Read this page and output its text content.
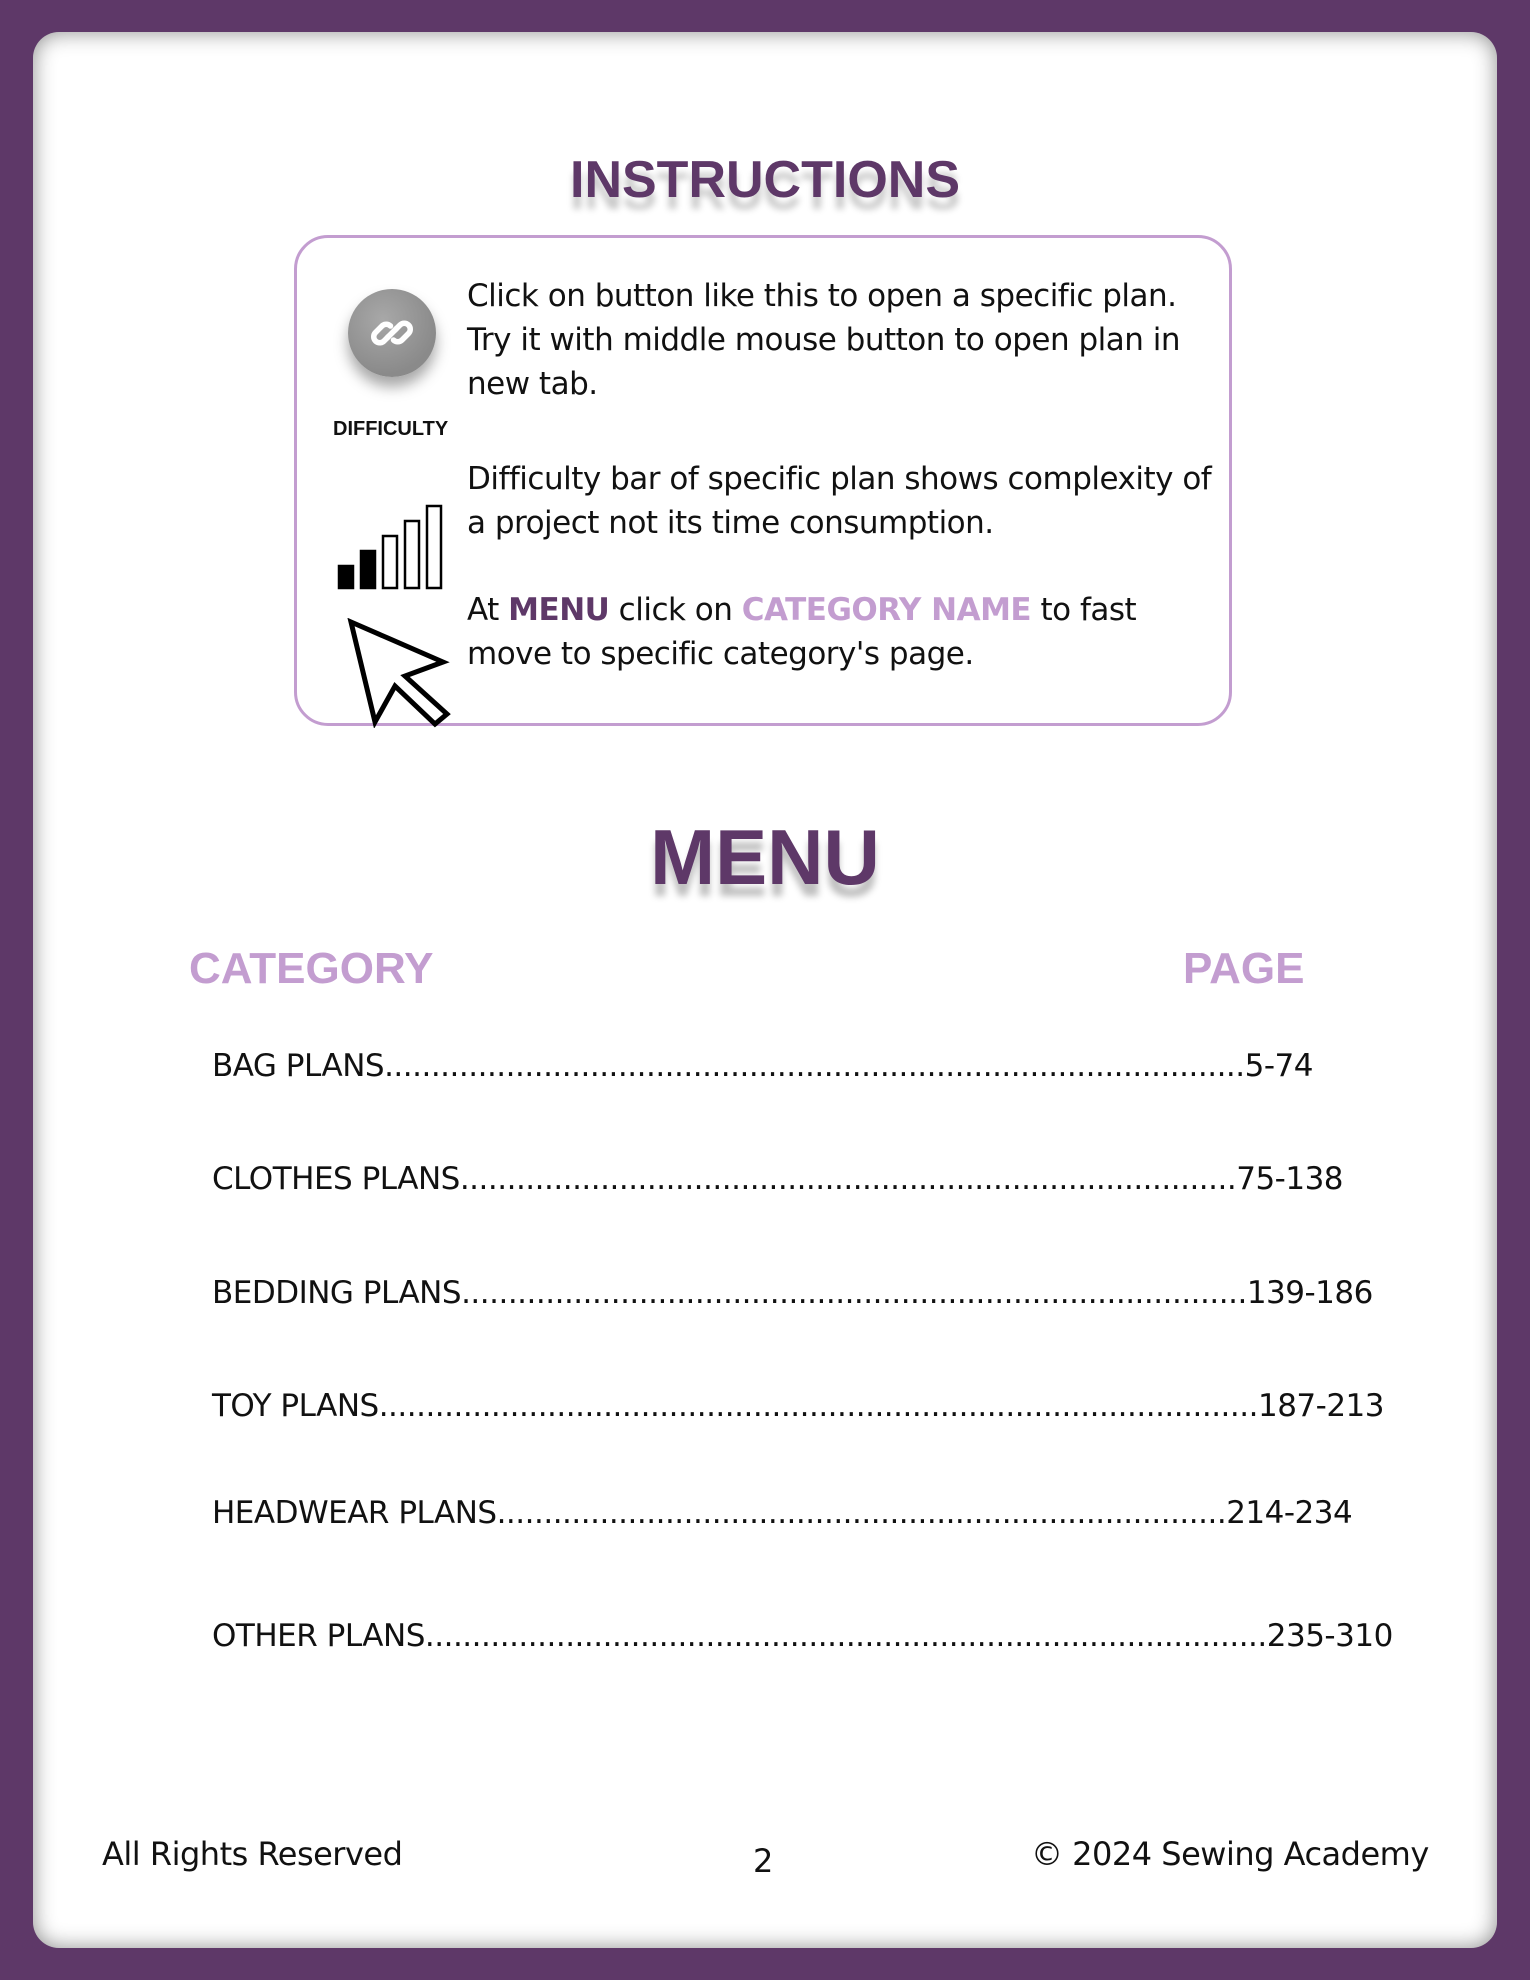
INSTRUCTIONS
Click on button like this to open a specific plan. Try it with middle mouse button to open plan in new tab.
DIFFICULTY
Difficulty bar of specific plan shows complexity of a project not its time consumption.
At MENU click on CATEGORY NAME to fast move to specific category's page.
MENU
CATEGORY	PAGE
BAG PLANS............................................................................................5-74
CLOTHES PLANS...................................................................................75-138
BEDDING PLANS....................................................................................139-186
TOY PLANS..............................................................................................187-213
HEADWEAR PLANS..............................................................................214-234
OTHER PLANS..........................................................................................235-310
All Rights Reserved	2	© 2024 Sewing Academy
